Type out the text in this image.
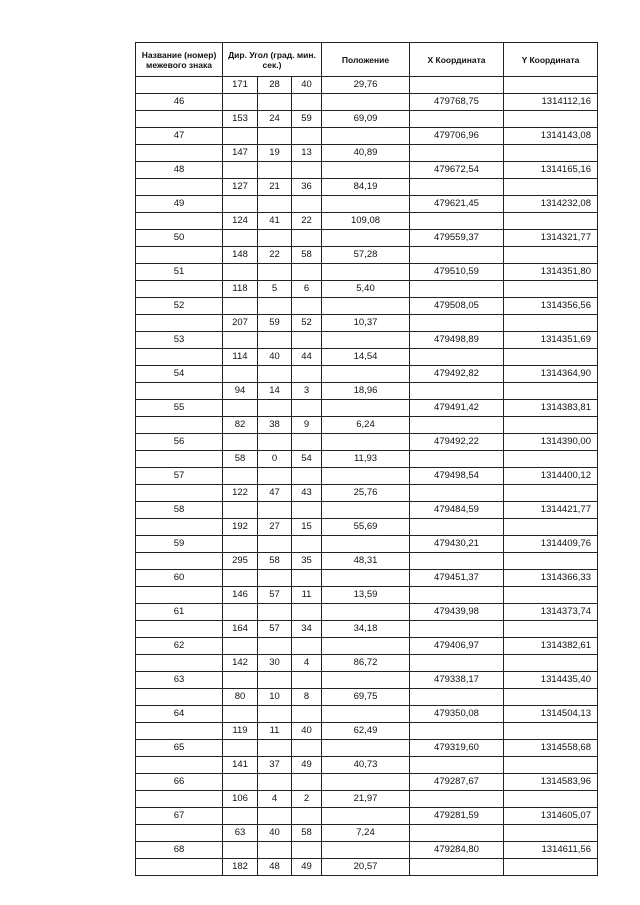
Название (номер) межевого знака	Дир. Угол (град. мин. сек.)			Положение	X Координата	Y Координата
	171	28	40	29,76		
46					479768,75	1314112,16
	153	24	59	69,09		
47					479706,96	1314143,08
	147	19	13	40,89		
48					479672,54	1314165,16
	127	21	36	84,19		
49					479621,45	1314232,08
	124	41	22	109,08		
50					479559,37	1314321,77
	148	22	58	57,28		
51					479510,59	1314351,80
	118	5	6	5,40		
52					479508,05	1314356,56
	207	59	52	10,37		
53					479498,89	1314351,69
	114	40	44	14,54		
54					479492,82	1314364,90
	94	14	3	18,96		
55					479491,42	1314383,81
	82	38	9	6,24		
56					479492,22	1314390,00
	58	0	54	11,93		
57					479498,54	1314400,12
	122	47	43	25,76		
58					479484,59	1314421,77
	192	27	15	55,69		
59					479430,21	1314409,76
	295	58	35	48,31		
60					479451,37	1314366,33
	146	57	11	13,59		
61					479439,98	1314373,74
	164	57	34	34,18		
62					479406,97	1314382,61
	142	30	4	86,72		
63					479338,17	1314435,40
	80	10	8	69,75		
64					479350,08	1314504,13
	119	11	40	62,49		
65					479319,60	1314558,68
	141	37	49	40,73		
66					479287,67	1314583,96
	106	4	2	21,97		
67					479281,59	1314605,07
	63	40	58	7,24		
68					479284,80	1314611,56
	182	48	49	20,57		
